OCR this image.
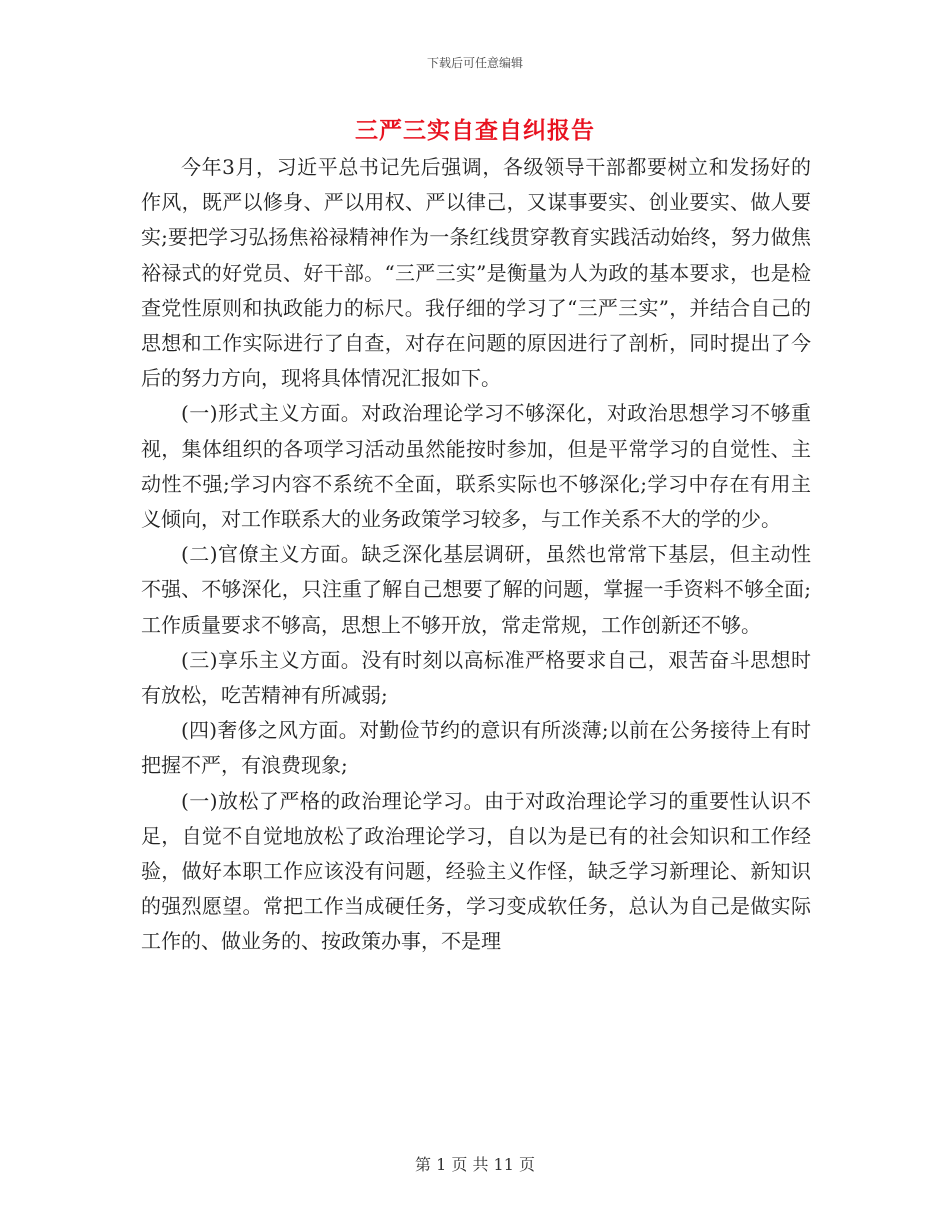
下载后可任意编辑
三严三实自查自纠报告

今年3月，习近平总书记先后强调，各级领导干部都要树立和发扬好的作风，既严以修身、严以用权、严以律己，又谋事要实、创业要实、做人要实;要把学习弘扬焦裕禄精神作为一条红线贯穿教育实践活动始终，努力做焦裕禄式的好党员、好干部。“三严三实”是衡量为人为政的基本要求，也是检查党性原则和执政能力的标尺。我仔细的学习了“三严三实”，并结合自己的思想和工作实际进行了自查，对存在问题的原因进行了剖析，同时提出了今后的努力方向，现将具体情况汇报如下。

(一)形式主义方面。对政治理论学习不够深化，对政治思想学习不够重视，集体组织的各项学习活动虽然能按时参加，但是平常学习的自觉性、主动性不强;学习内容不系统不全面，联系实际也不够深化;学习中存在有用主义倾向，对工作联系大的业务政策学习较多，与工作关系不大的学的少。

(二)官僚主义方面。缺乏深化基层调研，虽然也常常下基层，但主动性不强、不够深化，只注重了解自己想要了解的问题，掌握一手资料不够全面;工作质量要求不够高，思想上不够开放，常走常规，工作创新还不够。

(三)享乐主义方面。没有时刻以高标准严格要求自己，艰苦奋斗思想时有放松，吃苦精神有所减弱;

(四)奢侈之风方面。对勤俭节约的意识有所淡薄;以前在公务接待上有时把握不严，有浪费现象;

(一)放松了严格的政治理论学习。由于对政治理论学习的重要性认识不足，自觉不自觉地放松了政治理论学习，自以为是已有的社会知识和工作经验，做好本职工作应该没有问题，经验主义作怪，缺乏学习新理论、新知识的强烈愿望。常把工作当成硬任务，学习变成软任务，总认为自己是做实际工作的、做业务的、按政策办事，不是理

第 1 页 共 11 页
